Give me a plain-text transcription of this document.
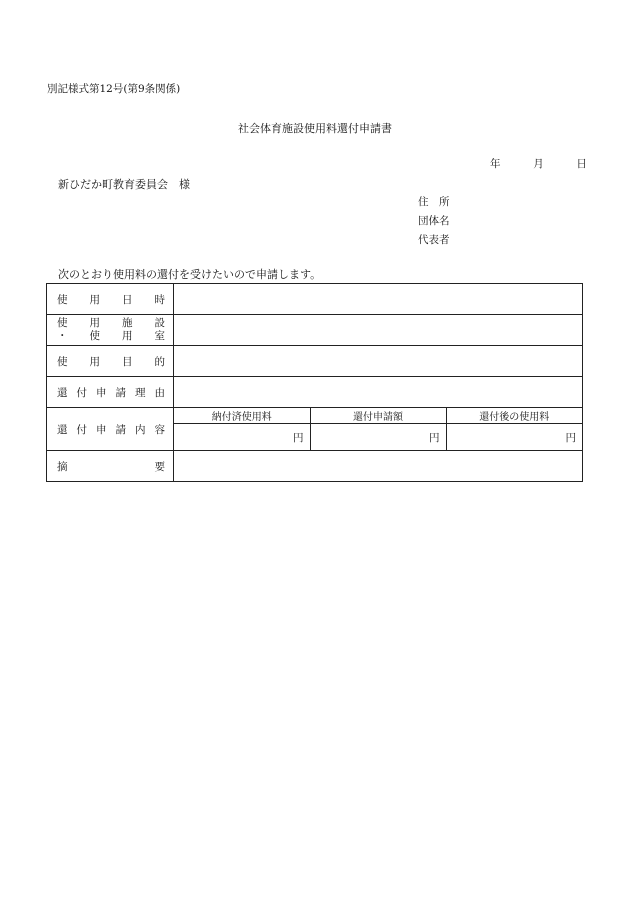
別記様式第12号(第9条関係)
社会体育施設使用料還付申請書
年	月	日
新ひだか町教育委員会　様
住　所
団体名
代表者
次のとおり使用料の還付を受けたいので申請します。
使 用 日 時

使 用 施 設
・ 使 用 室

使 用 目 的

還 付 申 請 理 由

還 付 申 請 内 容

納付済使用料	還付申請額	還付後の使用料
円	円	円

摘	要
